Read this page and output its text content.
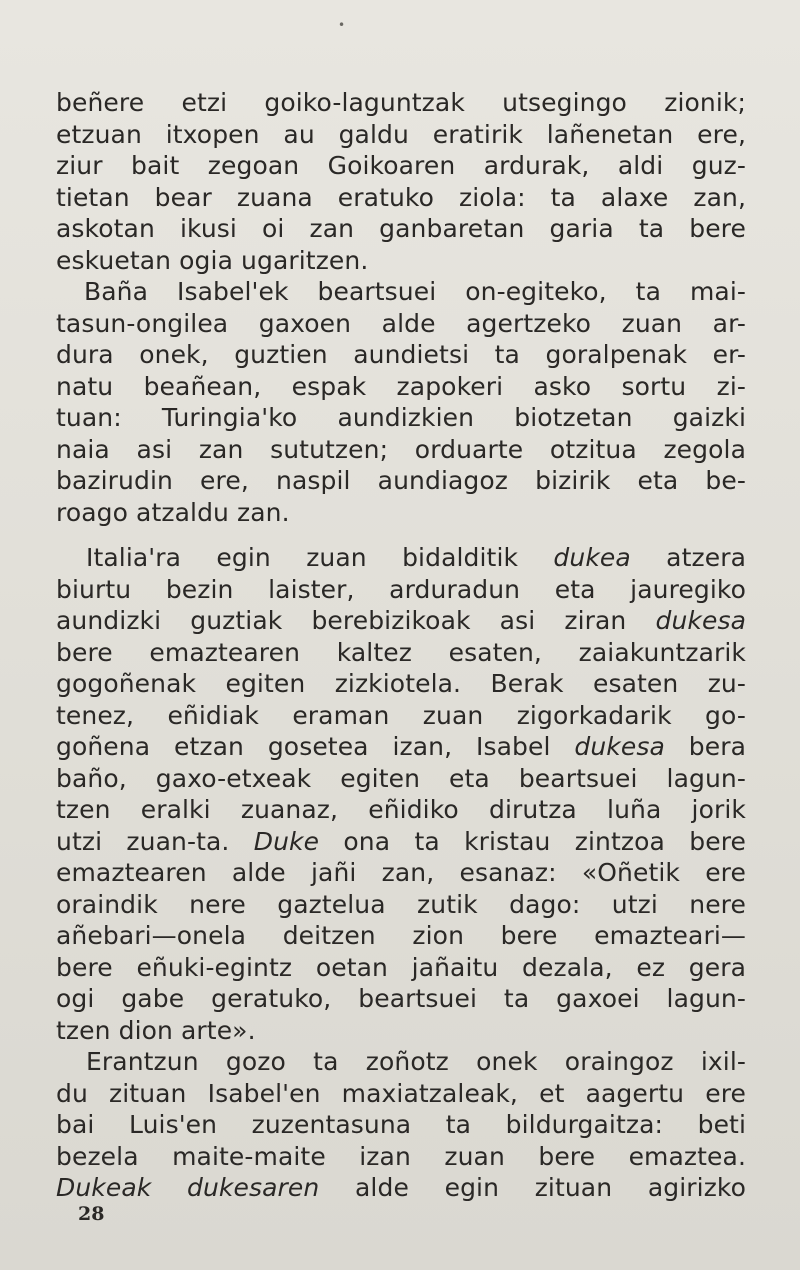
•
beñere etzi goiko-laguntzak utsegingo zionik;
etzuan itxopen au galdu eratirik lañenetan ere,
ziur bait zegoan Goikoaren ardurak, aldi guz-
tietan bear zuana eratuko ziola: ta alaxe zan,
askotan ikusi oi zan ganbaretan garia ta bere
eskuetan ogia ugaritzen.
Baña Isabel'ek beartsuei on-egiteko, ta mai-
tasun-ongilea gaxoen alde agertzeko zuan ar-
dura onek, guztien aundietsi ta goralpenak er-
natu beañean, espak zapokeri asko sortu zi-
tuan: Turingia'ko aundizkien biotzetan gaizki
naia asi zan sututzen; orduarte otzitua zegola
bazirudin ere, naspil aundiagoz bizirik eta be-
roago atzaldu zan.
Italia'ra egin zuan bidalditik dukea atzera
biurtu bezin laister, arduradun eta jauregiko
aundizki guztiak berebizikoak asi ziran dukesa
bere emaztearen kaltez esaten, zaiakuntzarik
gogoñenak egiten zizkiotela. Berak esaten zu-
tenez, eñidiak eraman zuan zigorkadarik go-
goñena etzan gosetea izan, Isabel dukesa bera
baño, gaxo-etxeak egiten eta beartsuei lagun-
tzen eralki zuanaz, eñidiko dirutza luña jorik
utzi zuan-ta. Duke ona ta kristau zintzoa bere
emaztearen alde jañi zan, esanaz: «Oñetik ere
oraindik nere gaztelua zutik dago: utzi nere
añebari—onela deitzen zion bere emazteari—
bere eñuki-egintz oetan jañaitu dezala, ez gera
ogi gabe geratuko, beartsuei ta gaxoei lagun-
tzen dion arte».
Erantzun gozo ta zoñotz onek oraingoz ixil-
du zituan Isabel'en maxiatzaleak, et aagertu ere
bai Luis'en zuzentasuna ta bildurgaitza: beti
bezela maite-maite izan zuan bere emaztea.
Dukeak dukesaren alde egin zituan agirizko
28
